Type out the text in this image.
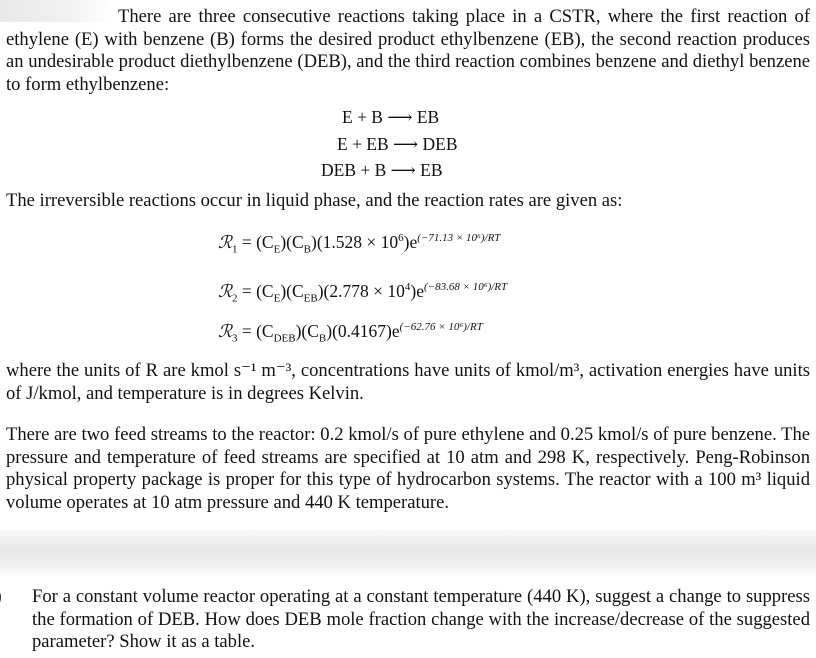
There are three consecutive reactions taking place in a CSTR, where the first reaction of ethylene (E) with benzene (B) forms the desired product ethylbenzene (EB), the second reaction produces an undesirable product diethylbenzene (DEB), and the third reaction combines benzene and diethyl benzene to form ethylbenzene:

E + B ⟶ EB
E + EB ⟶ DEB
DEB + B ⟶ EB

The irreversible reactions occur in liquid phase, and the reaction rates are given as:

ℛ$_1$ = $(C_E)(C_B)(1.528 \times 10^6)e^{(-71.13 \times 10^6)/RT}$
ℛ$_2$ = $(C_E)(C_{EB})(2.778 \times 10^4)e^{(-83.68 \times 10^6)/RT}$
ℛ$_3$ = $(C_{DEB})(C_B)(0.4167)e^{(-62.76 \times 10^6)/RT}$

where the units of R are kmol s⁻¹ m⁻³, concentrations have units of kmol/m³, activation energies have units of J/kmol, and temperature is in degrees Kelvin.

There are two feed streams to the reactor: 0.2 kmol/s of pure ethylene and 0.25 kmol/s of pure benzene. The pressure and temperature of feed streams are specified at 10 atm and 298 K, respectively. Peng-Robinson physical property package is proper for this type of hydrocarbon systems. The reactor with a 100 m³ liquid volume operates at 10 atm pressure and 440 K temperature.

For a constant volume reactor operating at a constant temperature (440 K), suggest a change to suppress the formation of DEB. How does DEB mole fraction change with the increase/decrease of the suggested parameter? Show it as a table.
